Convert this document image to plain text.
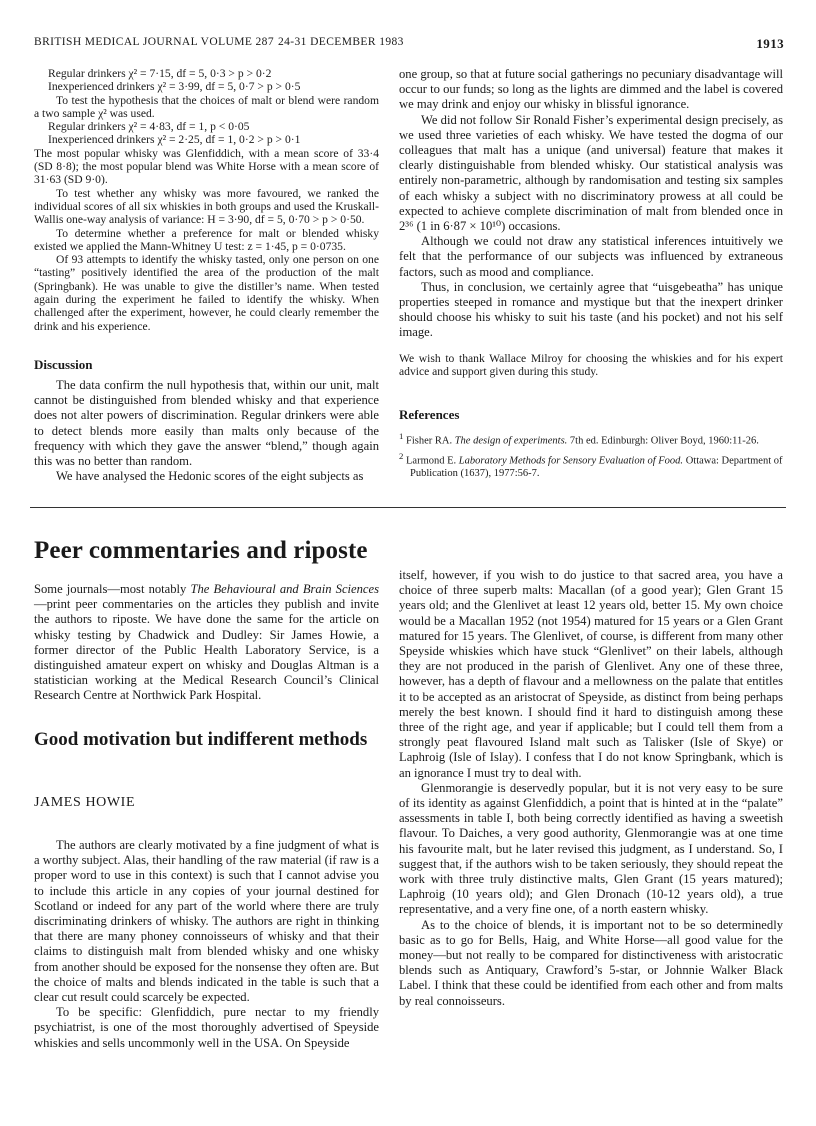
BRITISH MEDICAL JOURNAL VOLUME 287 24-31 DECEMBER 1983	1913

Regular drinkers χ² = 7·15, df = 5, 0·3 > p > 0·2

Inexperienced drinkers χ² = 3·99, df = 5, 0·7 > p > 0·5

To test the hypothesis that the choices of malt or blend were random a two sample χ² was used.

Regular drinkers χ² = 4·83, df = 1, p < 0·05

Inexperienced drinkers χ² = 2·25, df = 1, 0·2 > p > 0·1

The most popular whisky was Glenfiddich, with a mean score of 33·4 (SD 8·8); the most popular blend was White Horse with a mean score of 31·63 (SD 9·0).

To test whether any whisky was more favoured, we ranked the individual scores of all six whiskies in both groups and used the Kruskall-Wallis one-way analysis of variance: H = 3·90, df = 5, 0·70 > p > 0·50.

To determine whether a preference for malt or blended whisky existed we applied the Mann-Whitney U test: z = 1·45, p = 0·0735.

Of 93 attempts to identify the whisky tasted, only one person on one “tasting” positively identified the area of the production of the malt (Springbank). He was unable to give the distiller’s name. When tested again during the experiment he failed to identify the whisky. When challenged after the experiment, however, he could clearly remember the drink and his experience.

Discussion

The data confirm the null hypothesis that, within our unit, malt cannot be distinguished from blended whisky and that experience does not alter powers of discrimination. Regular drinkers were able to detect blends more easily than malts only because of the frequency with which they gave the answer “blend,” though again this was no better than random.

We have analysed the Hedonic scores of the eight subjects as

one group, so that at future social gatherings no pecuniary disadvantage will occur to our funds; so long as the lights are dimmed and the label is covered we may drink and enjoy our whisky in blissful ignorance.

We did not follow Sir Ronald Fisher’s experimental design precisely, as we used three varieties of each whisky. We have tested the dogma of our colleagues that malt has a unique (and universal) feature that makes it clearly distinguishable from blended whisky. Our statistical analysis was entirely non-parametric, although by randomisation and testing six samples of each whisky a subject with no discriminatory prowess at all could be expected to achieve complete discrimination of malt from blended once in 2³⁶ (1 in 6·87 × 10¹⁰) occasions.

Although we could not draw any statistical inferences intuitively we felt that the performance of our subjects was influenced by extraneous factors, such as mood and compliance.

Thus, in conclusion, we certainly agree that “uisgebeatha” has unique properties steeped in romance and mystique but that the inexpert drinker should choose his whisky to suit his taste (and his pocket) and not his self image.

We wish to thank Wallace Milroy for choosing the whiskies and for his expert advice and support given during this study.

References

$^1$ Fisher RA. The design of experiments. 7th ed. Edinburgh: Oliver Boyd, 1960:11-26.

$^2$ Larmond E. Laboratory Methods for Sensory Evaluation of Food. Ottawa: Department of Publication (1637), 1977:56-7.

Peer commentaries and riposte

Some journals—most notably The Behavioural and Brain Sciences—print peer commentaries on the articles they publish and invite the authors to riposte. We have done the same for the article on whisky testing by Chadwick and Dudley: Sir James Howie, a former director of the Public Health Laboratory Service, is a distinguished amateur expert on whisky and Douglas Altman is a statistician working at the Medical Research Council’s Clinical Research Centre at Northwick Park Hospital.

Good motivation but indifferent methods
JAMES HOWIE

The authors are clearly motivated by a fine judgment of what is a worthy subject. Alas, their handling of the raw material (if raw is a proper word to use in this context) is such that I cannot advise you to include this article in any copies of your journal destined for Scotland or indeed for any part of the world where there are truly discriminating drinkers of whisky. The authors are right in thinking that there are many phoney connoisseurs of whisky and that their claims to distinguish malt from blended whisky and one whisky from another should be exposed for the nonsense they often are. But the choice of malts and blends indicated in the table is such that a clear cut result could scarcely be expected.

To be specific: Glenfiddich, pure nectar to my friendly psychiatrist, is one of the most thoroughly advertised of Speyside whiskies and sells uncommonly well in the USA. On Speyside

itself, however, if you wish to do justice to that sacred area, you have a choice of three superb malts: Macallan (of a good year); Glen Grant 15 years old; and the Glenlivet at least 12 years old, better 15. My own choice would be a Macallan 1952 (not 1954) matured for 15 years or a Glen Grant matured for 15 years. The Glenlivet, of course, is different from many other Speyside whiskies which have stuck “Glenlivet” on their labels, although they are not produced in the parish of Glenlivet. Any one of these three, however, has a depth of flavour and a mellowness on the palate that entitles it to be accepted as an aristocrat of Speyside, as distinct from being perhaps merely the best known. I should find it hard to distinguish among these three of the right age, and year if applicable; but I could tell them from a strongly peat flavoured Island malt such as Talisker (Isle of Skye) or Laphroig (Isle of Islay). I confess that I do not know Springbank, which is an ignorance I must try to deal with.

Glenmorangie is deservedly popular, but it is not very easy to be sure of its identity as against Glenfiddich, a point that is hinted at in the “palate” assessments in table I, both being correctly identified as having a sweetish flavour. To Daiches, a very good authority, Glenmorangie was at one time his favourite malt, but he later revised this judgment, as I understand. So, I suggest that, if the authors wish to be taken seriously, they should repeat the work with three truly distinctive malts, Glen Grant (15 years matured); Laphroig (10 years old); and Glen Dronach (10-12 years old), a true representative, and a very fine one, of a north eastern whisky.

As to the choice of blends, it is important not to be so determinedly basic as to go for Bells, Haig, and White Horse—all good value for the money—but not really to be compared for distinctiveness with aristocratic blends such as Antiquary, Crawford’s 5-star, or Johnnie Walker Black Label. I think that these could be identified from each other and from malts by real connoisseurs.
